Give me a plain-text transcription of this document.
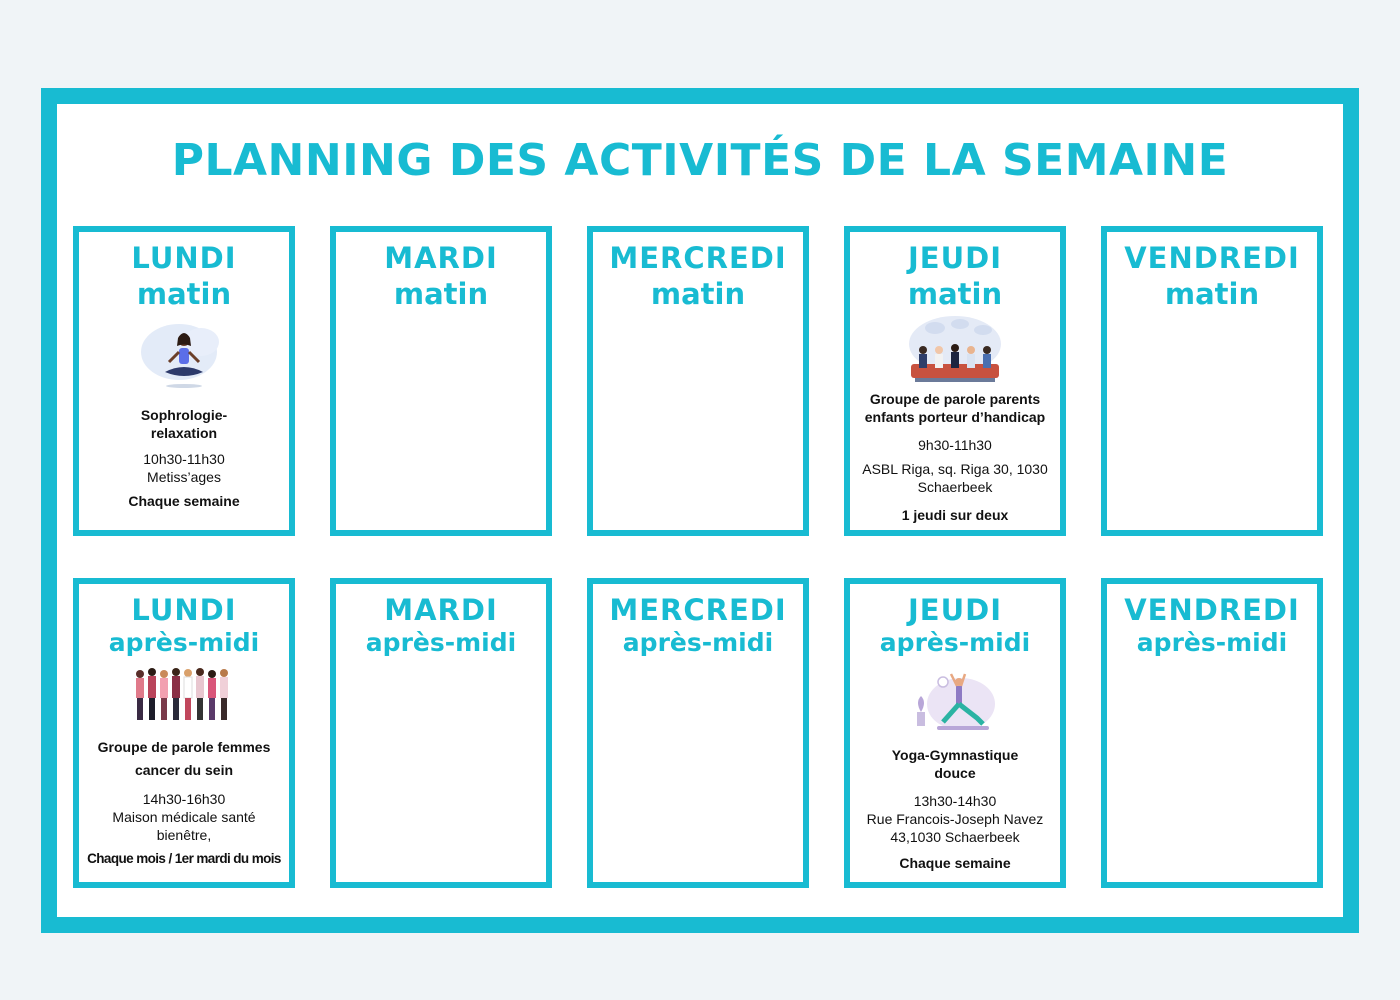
PLANNING DES ACTIVITÉS DE LA SEMAINE
LUNDI
matin
Sophrologie-relaxation
10h30-11h30
Metiss’ages
Chaque semaine
MARDI
matin
MERCREDI
matin
JEUDI
matin
Groupe de parole parents enfants porteur d’handicap
9h30-11h30
ASBL Riga, sq. Riga 30, 1030 Schaerbeek
1 jeudi sur deux
VENDREDI
matin
LUNDI
après-midi
Groupe de parole femmes cancer du sein
14h30-16h30
Maison médicale santé bienêtre,
Chaque mois / 1er mardi du mois
MARDI
après-midi
MERCREDI
après-midi
JEUDI
après-midi
Yoga-Gymnastique douce
13h30-14h30
Rue Francois-Joseph Navez 43,1030 Schaerbeek
Chaque semaine
VENDREDI
après-midi
